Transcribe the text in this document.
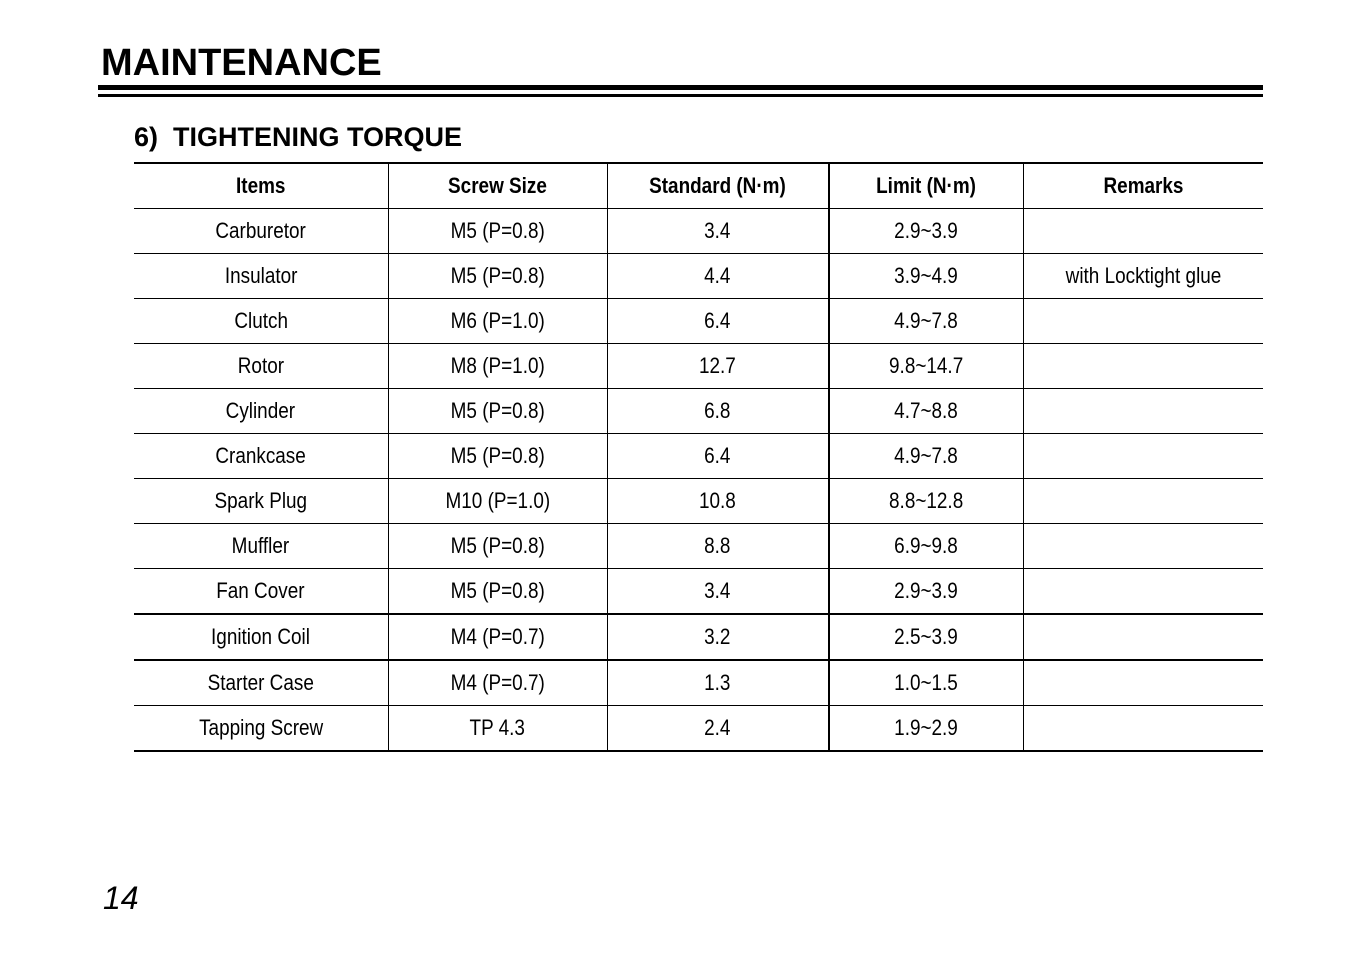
MAINTENANCE
6)  TIGHTENING TORQUE
Items	Screw Size	Standard (N·m)	Limit (N·m)	Remarks
Carburetor	M5 (P=0.8)	3.4	2.9~3.9	
Insulator	M5 (P=0.8)	4.4	3.9~4.9	with Locktight glue
Clutch	M6 (P=1.0)	6.4	4.9~7.8	
Rotor	M8 (P=1.0)	12.7	9.8~14.7	
Cylinder	M5 (P=0.8)	6.8	4.7~8.8	
Crankcase	M5 (P=0.8)	6.4	4.9~7.8	
Spark Plug	M10 (P=1.0)	10.8	8.8~12.8	
Muffler	M5 (P=0.8)	8.8	6.9~9.8	
Fan Cover	M5 (P=0.8)	3.4	2.9~3.9	
Ignition Coil	M4 (P=0.7)	3.2	2.5~3.9	
Starter Case	M4 (P=0.7)	1.3	1.0~1.5	
Tapping Screw	TP 4.3	2.4	1.9~2.9	
14
